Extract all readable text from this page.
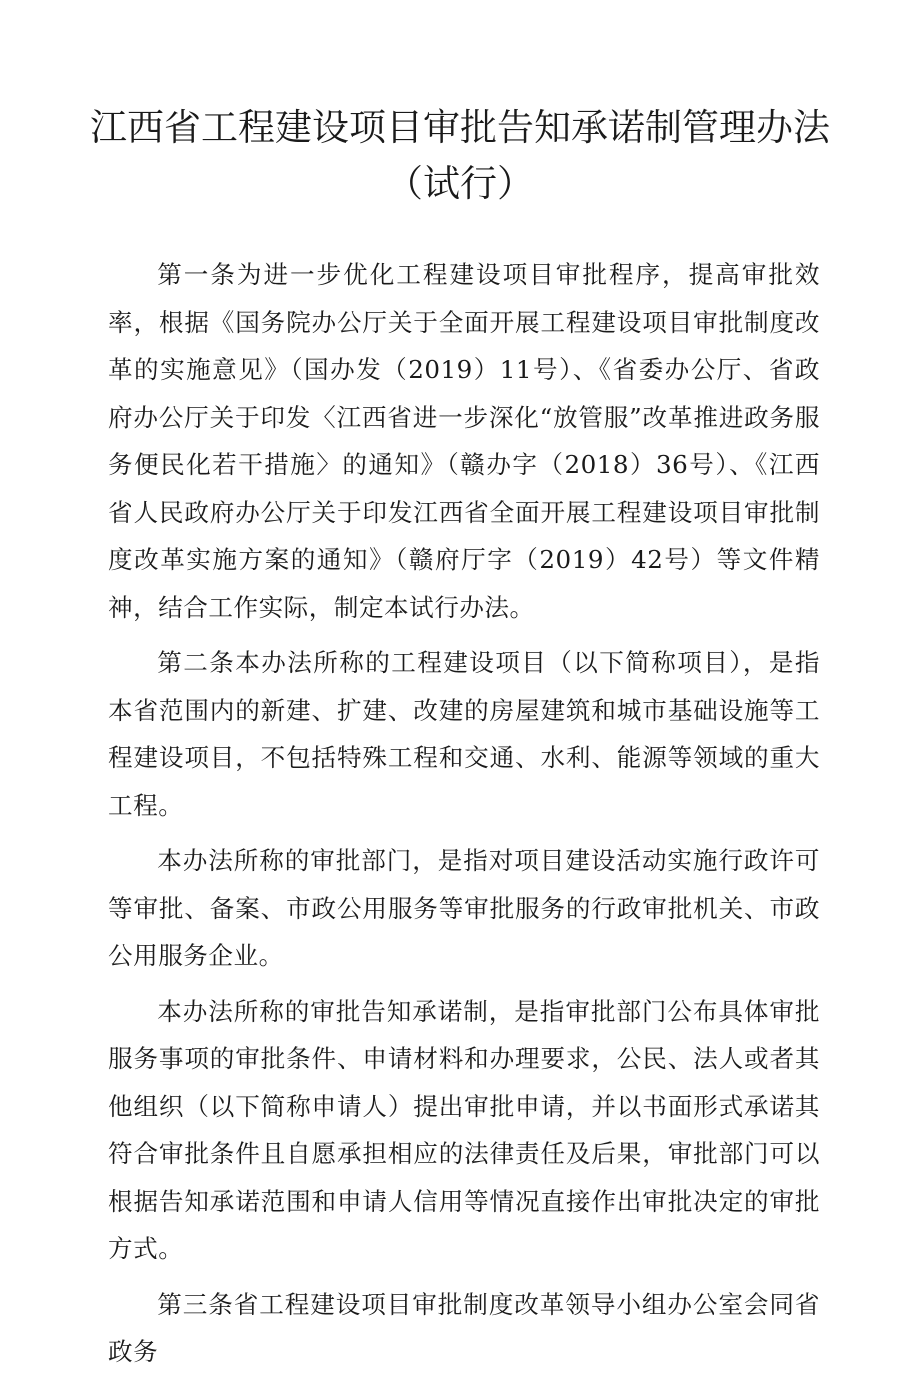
江西省工程建设项目审批告知承诺制管理办法
（试行）

第一条为进一步优化工程建设项目审批程序，提高审批效率，根据《国务院办公厅关于全面开展工程建设项目审批制度改革的实施意见》（国办发（2019）11号）、《省委办公厅、省政府办公厅关于印发〈江西省进一步深化“放管服”改革推进政务服务便民化若干措施〉的通知》（赣办字（2018）36号）、《江西省人民政府办公厅关于印发江西省全面开展工程建设项目审批制度改革实施方案的通知》（赣府厅字（2019）42号）等文件精神，结合工作实际，制定本试行办法。

第二条本办法所称的工程建设项目（以下简称项目），是指本省范围内的新建、扩建、改建的房屋建筑和城市基础设施等工程建设项目，不包括特殊工程和交通、水利、能源等领域的重大工程。

本办法所称的审批部门，是指对项目建设活动实施行政许可等审批、备案、市政公用服务等审批服务的行政审批机关、市政公用服务企业。

本办法所称的审批告知承诺制，是指审批部门公布具体审批服务事项的审批条件、申请材料和办理要求，公民、法人或者其他组织（以下简称申请人）提出审批申请，并以书面形式承诺其符合审批条件且自愿承担相应的法律责任及后果，审批部门可以根据告知承诺范围和申请人信用等情况直接作出审批决定的审批方式。

第三条省工程建设项目审批制度改革领导小组办公室会同省政务
